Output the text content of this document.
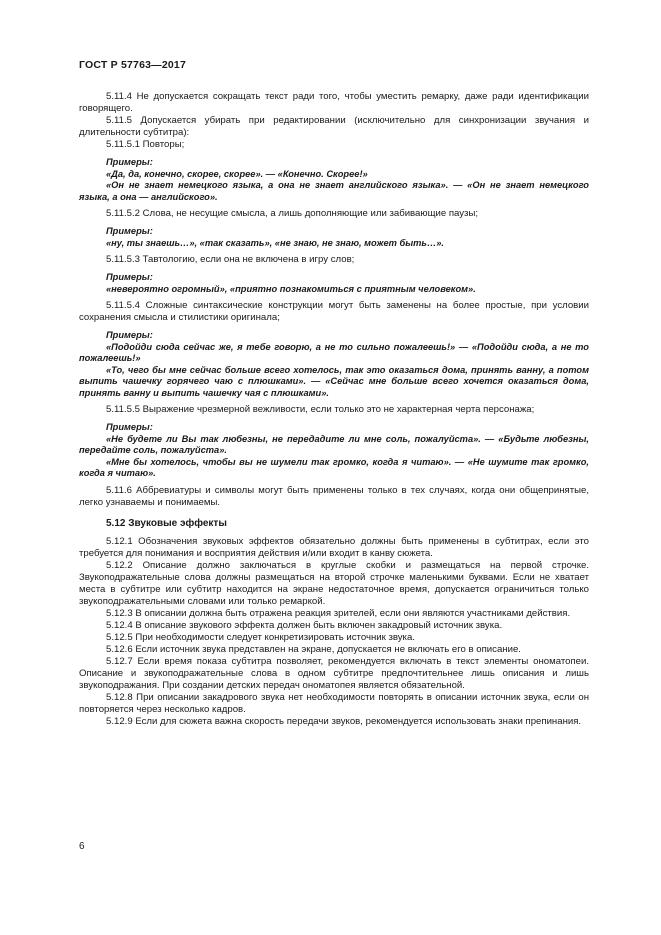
ГОСТ Р 57763—2017

5.11.4 Не допускается сокращать текст ради того, чтобы уместить ремарку, даже ради идентификации говорящего.

5.11.5 Допускается убирать при редактировании (исключительно для синхронизации звучания и длительности субтитра):

5.11.5.1 Повторы;

Примеры:
«Да, да, конечно, скорее, скорее». — «Конечно. Скорее!»
«Он не знает немецкого языка, а она не знает английского языка». — «Он не знает немецкого языка, а она — английского».

5.11.5.2 Слова, не несущие смысла, а лишь дополняющие или забивающие паузы;

Примеры:
«ну, ты знаешь…», «так сказать», «не знаю, не знаю, может быть…».

5.11.5.3 Тавтологию, если она не включена в игру слов;

Примеры:
«невероятно огромный», «приятно познакомиться с приятным человеком».

5.11.5.4 Сложные синтаксические конструкции могут быть заменены на более простые, при условии сохранения смысла и стилистики оригинала;

Примеры:
«Подойди сюда сейчас же, я тебе говорю, а не то сильно пожалеешь!» — «Подойди сюда, а не то пожалеешь!»
«То, чего бы мне сейчас больше всего хотелось, так это оказаться дома, принять ванну, а потом выпить чашечку горячего чаю с плюшками». — «Сейчас мне больше всего хочется оказаться дома, принять ванну и выпить чашечку чая с плюшками».

5.11.5.5 Выражение чрезмерной вежливости, если только это не характерная черта персонажа;

Примеры:
«Не будете ли Вы так любезны, не передадите ли мне соль, пожалуйста». — «Будьте любезны, передайте соль, пожалуйста».
«Мне бы хотелось, чтобы вы не шумели так громко, когда я читаю». — «Не шумите так громко, когда я читаю».

5.11.6 Аббревиатуры и символы могут быть применены только в тех случаях, когда они общепринятые, легко узнаваемы и понимаемы.

5.12 Звуковые эффекты

5.12.1 Обозначения звуковых эффектов обязательно должны быть применены в субтитрах, если это требуется для понимания и восприятия действия и/или входит в канву сюжета.

5.12.2 Описание должно заключаться в круглые скобки и размещаться на первой строчке. Звукоподражательные слова должны размещаться на второй строчке маленькими буквами. Если не хватает места в субтитре или субтитр находится на экране недостаточное время, допускается ограничиться только звукоподражательными словами или только ремаркой.

5.12.3 В описании должна быть отражена реакция зрителей, если они являются участниками действия.

5.12.4 В описание звукового эффекта должен быть включен закадровый источник звука.

5.12.5 При необходимости следует конкретизировать источник звука.

5.12.6 Если источник звука представлен на экране, допускается не включать его в описание.

5.12.7 Если время показа субтитра позволяет, рекомендуется включать в текст элементы ономатопеи. Описание и звукоподражательные слова в одном субтитре предпочтительнее лишь описания и лишь звукоподражания. При создании детских передач ономатопея является обязательной.

5.12.8 При описании закадрового звука нет необходимости повторять в описании источник звука, если он повторяется через несколько кадров.

5.12.9 Если для сюжета важна скорость передачи звуков, рекомендуется использовать знаки препинания.

6
